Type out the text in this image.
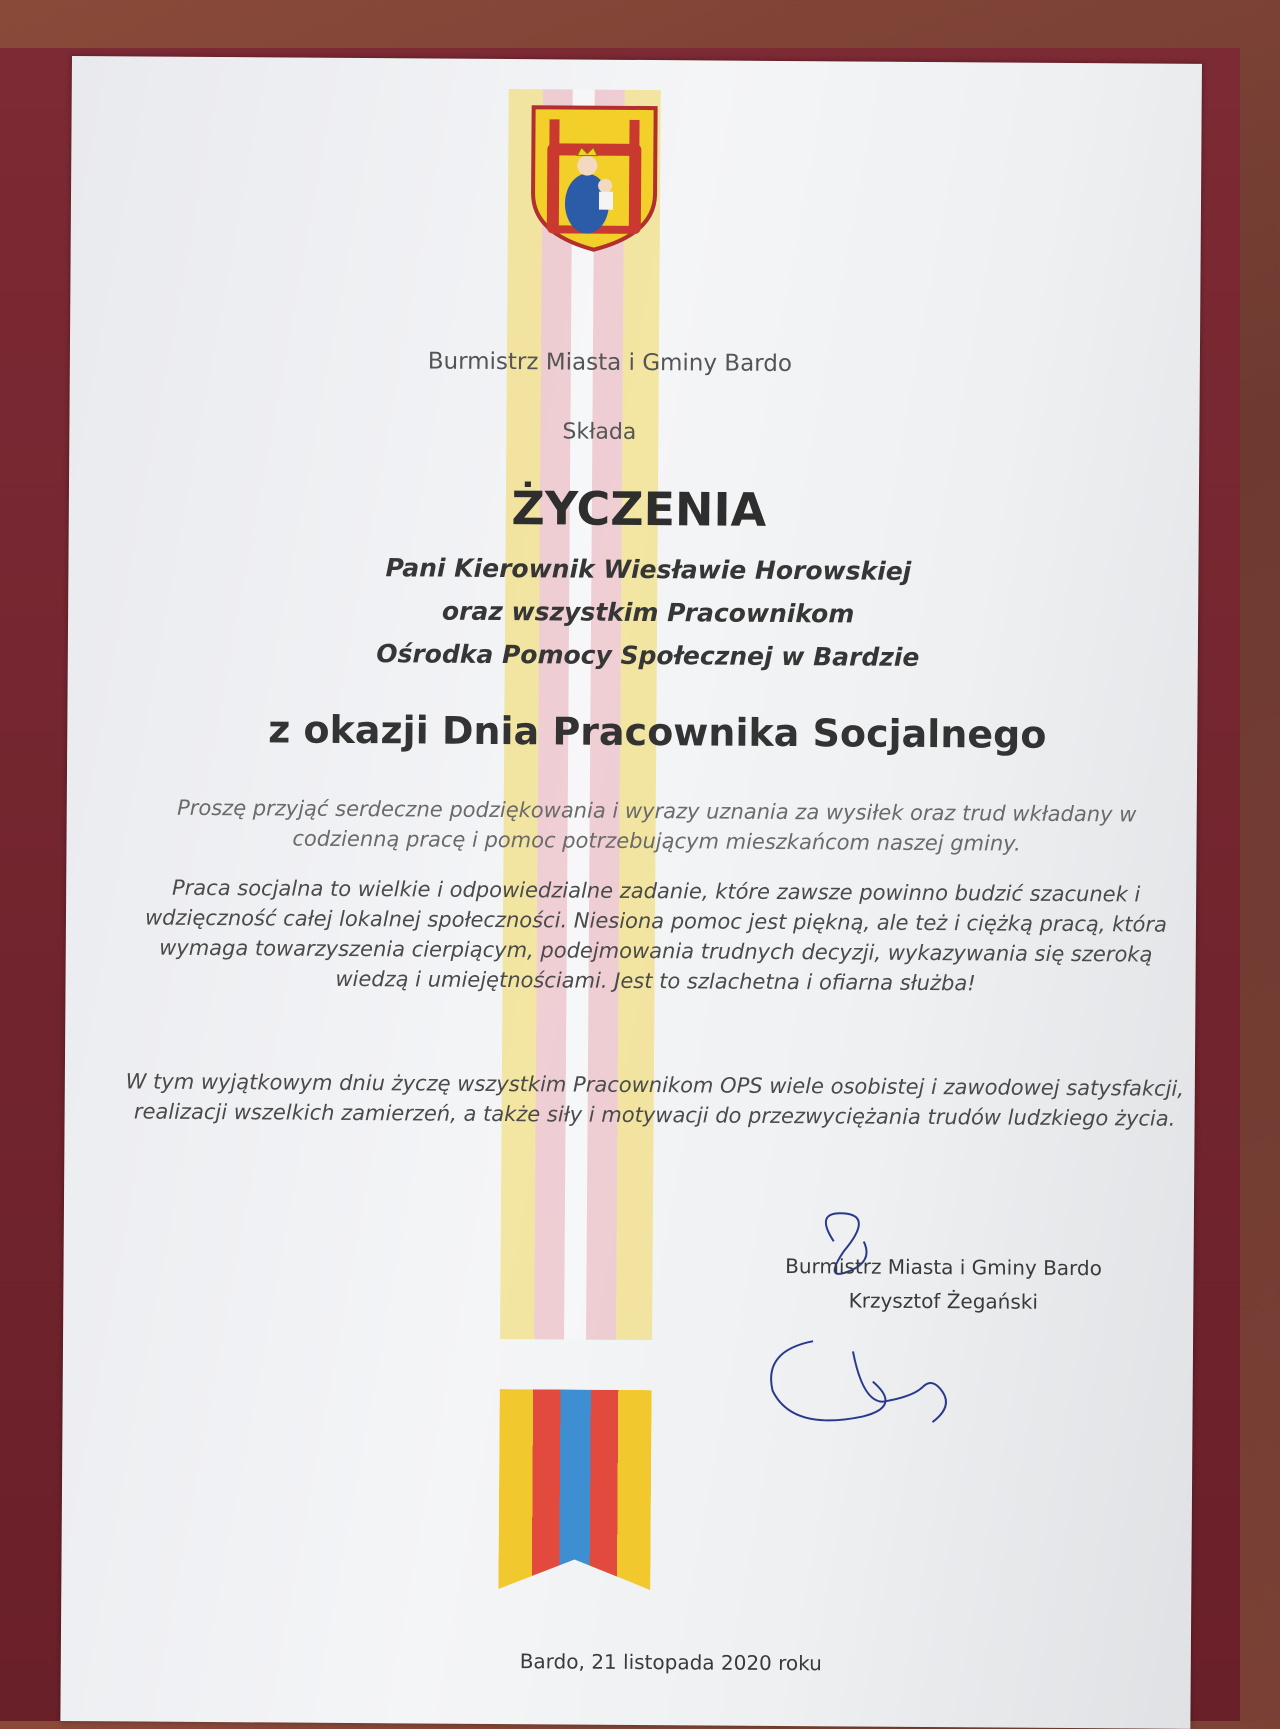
Burmistrz Miasta i Gminy Bardo
Składa
ŻYCZENIA
Pani Kierownik Wiesławie Horowskiej
oraz wszystkim Pracownikom
Ośrodka Pomocy Społecznej w Bardzie
z okazji Dnia Pracownika Socjalnego
Proszę przyjąć serdeczne podziękowania i wyrazy uznania za wysiłek oraz trud wkładany w codzienną pracę i pomoc potrzebującym mieszkańcom naszej gminy.
Praca socjalna to wielkie i odpowiedzialne zadanie, które zawsze powinno budzić szacunek i wdzięczność całej lokalnej społeczności. Niesiona pomoc jest piękną, ale też i ciężką pracą, która wymaga towarzyszenia cierpiącym, podejmowania trudnych decyzji, wykazywania się szeroką wiedzą i umiejętnościami. Jest to szlachetna i ofiarna służba!
W tym wyjątkowym dniu życzę wszystkim Pracownikom OPS wiele osobistej i zawodowej satysfakcji, realizacji wszelkich zamierzeń, a także siły i motywacji do przezwyciężania trudów ludzkiego życia.
Burmistrz Miasta i Gminy Bardo
Krzysztof Żegański
Bardo, 21 listopada 2020 roku
